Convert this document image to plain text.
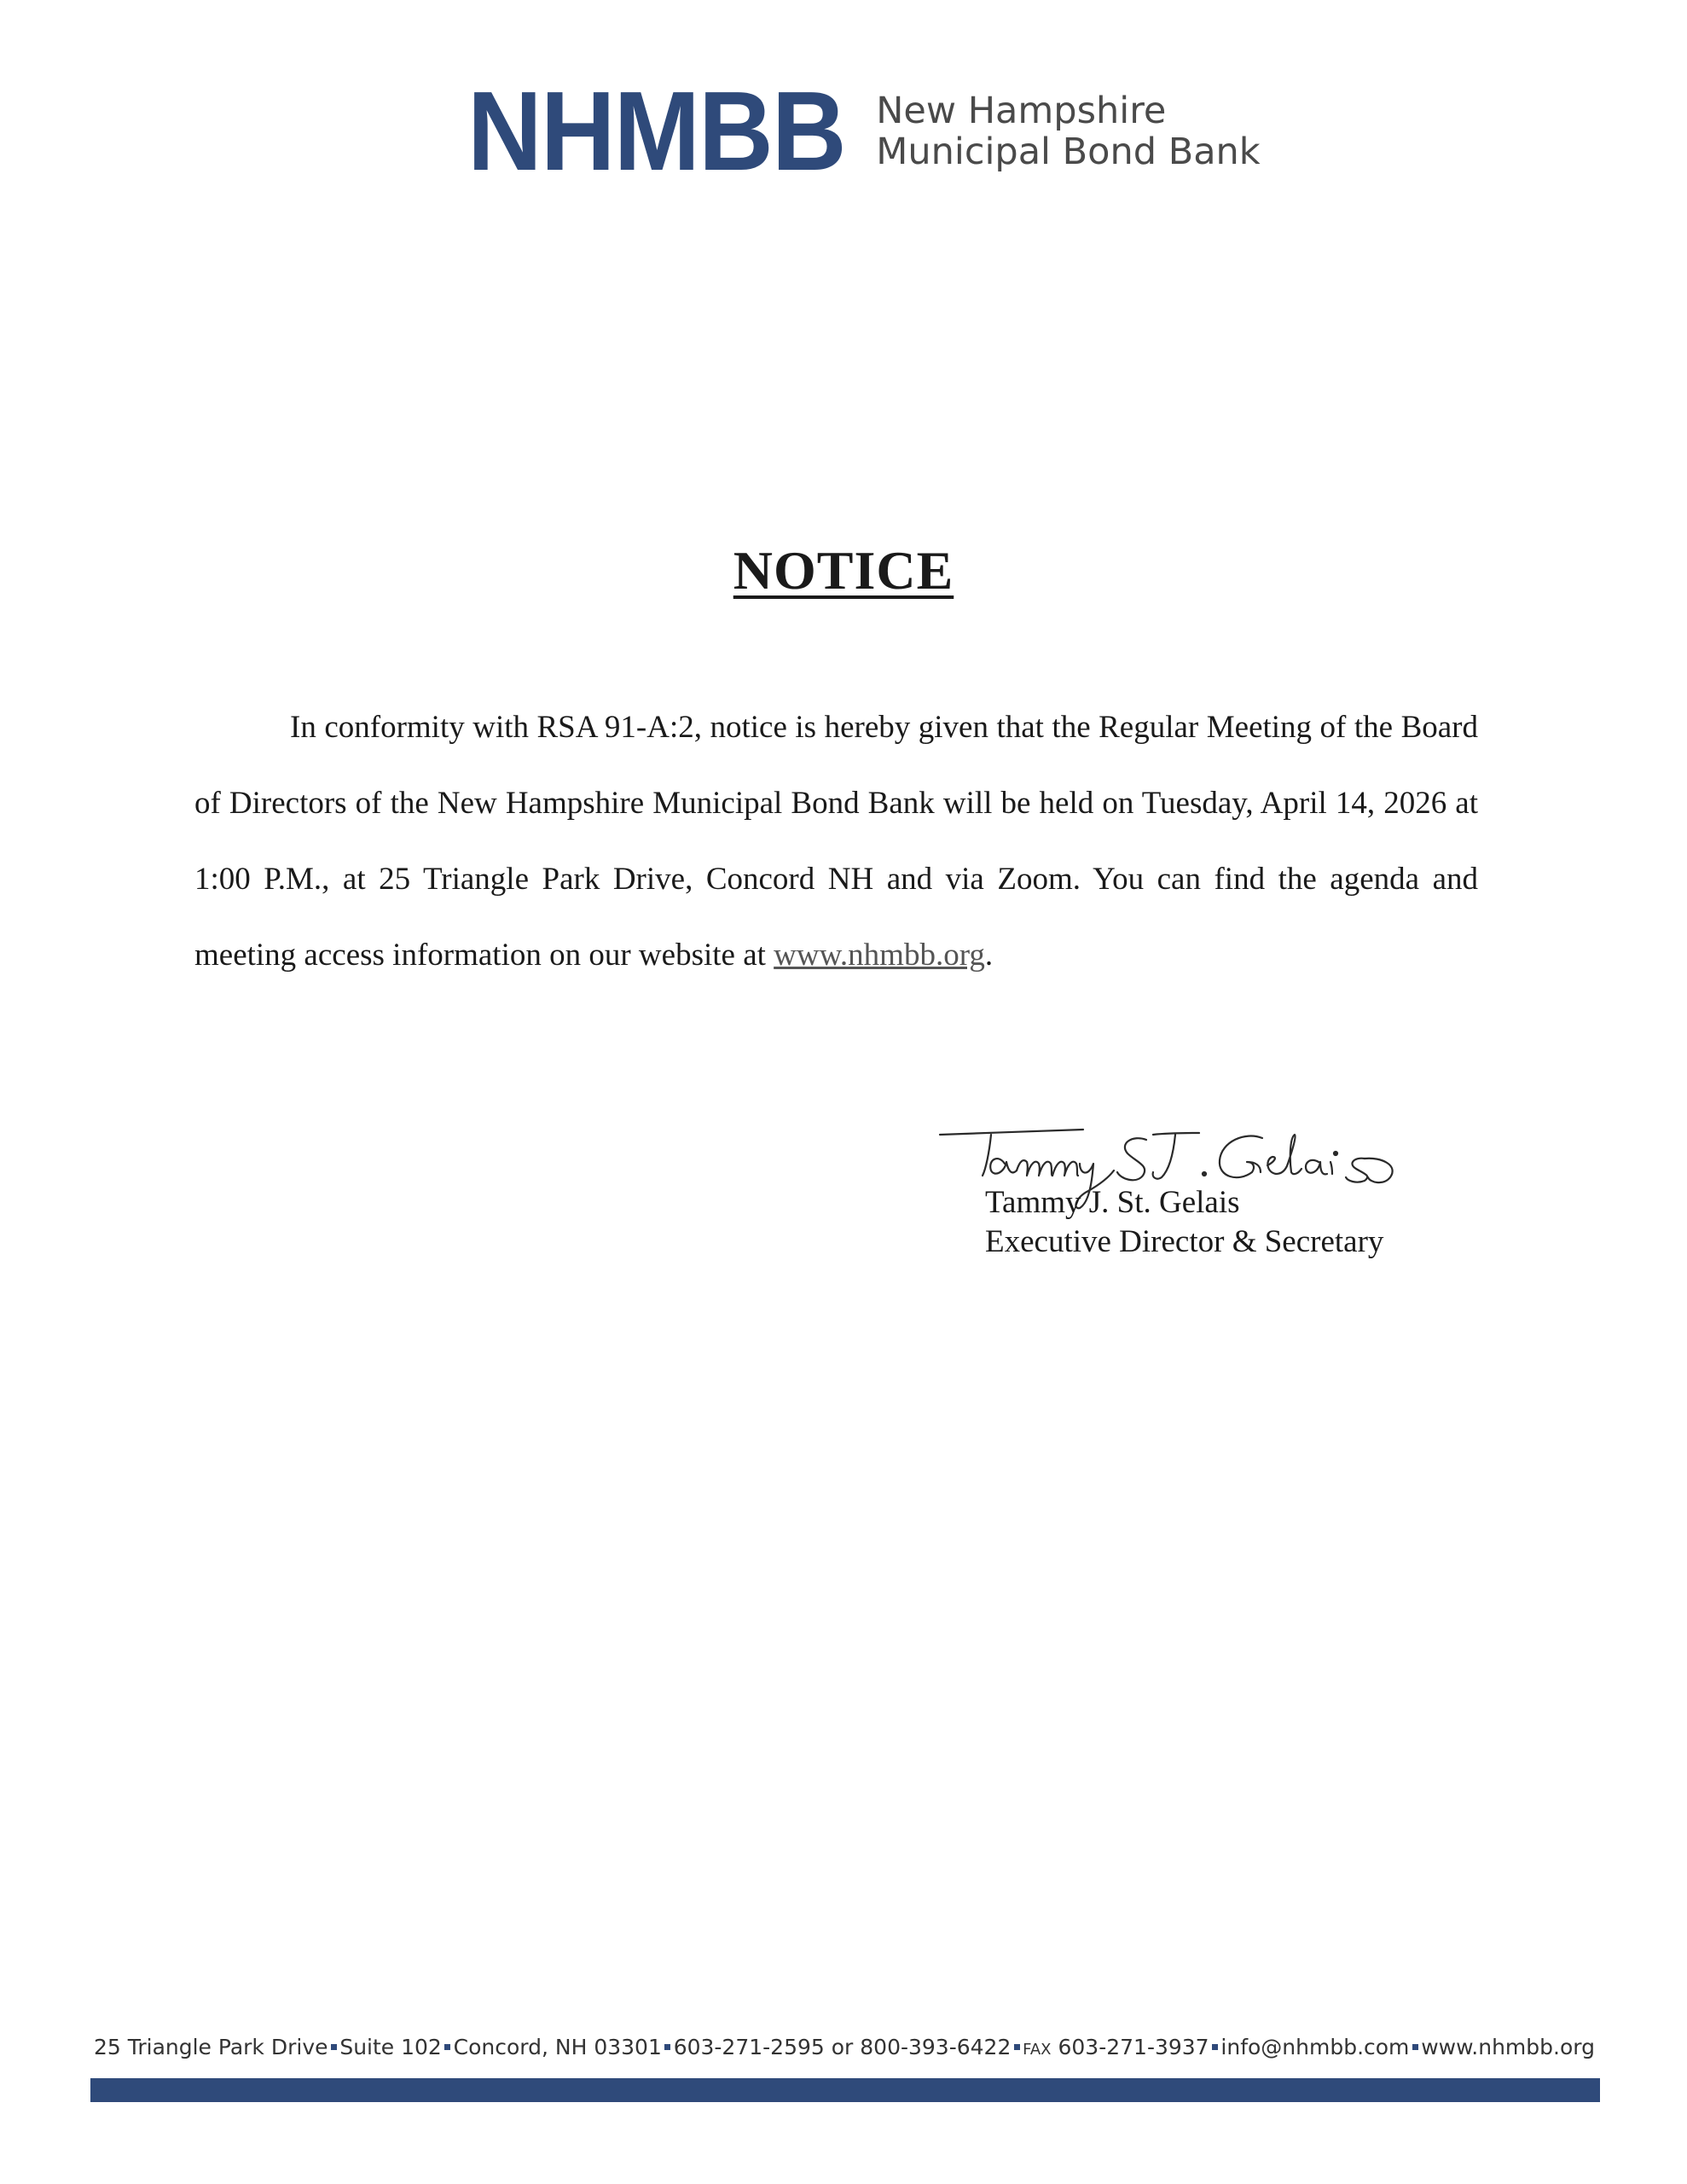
NHMBB New Hampshire
Municipal Bond Bank
NOTICE
In conformity with RSA 91-A:2, notice is hereby given that the Regular Meeting of the Board of Directors of the New Hampshire Municipal Bond Bank will be held on Tuesday, April 14, 2026 at 1:00 P.M., at 25 Triangle Park Drive, Concord NH and via Zoom. You can find the agenda and meeting access information on our website at www.nhmbb.org.
Tammy J. St. Gelais
Executive Director & Secretary
25 Triangle Park Drive Suite 102 Concord, NH 03301 603-271-2595 or 800-393-6422 FAX 603-271-3937 info@nhmbb.com www.nhmbb.org
